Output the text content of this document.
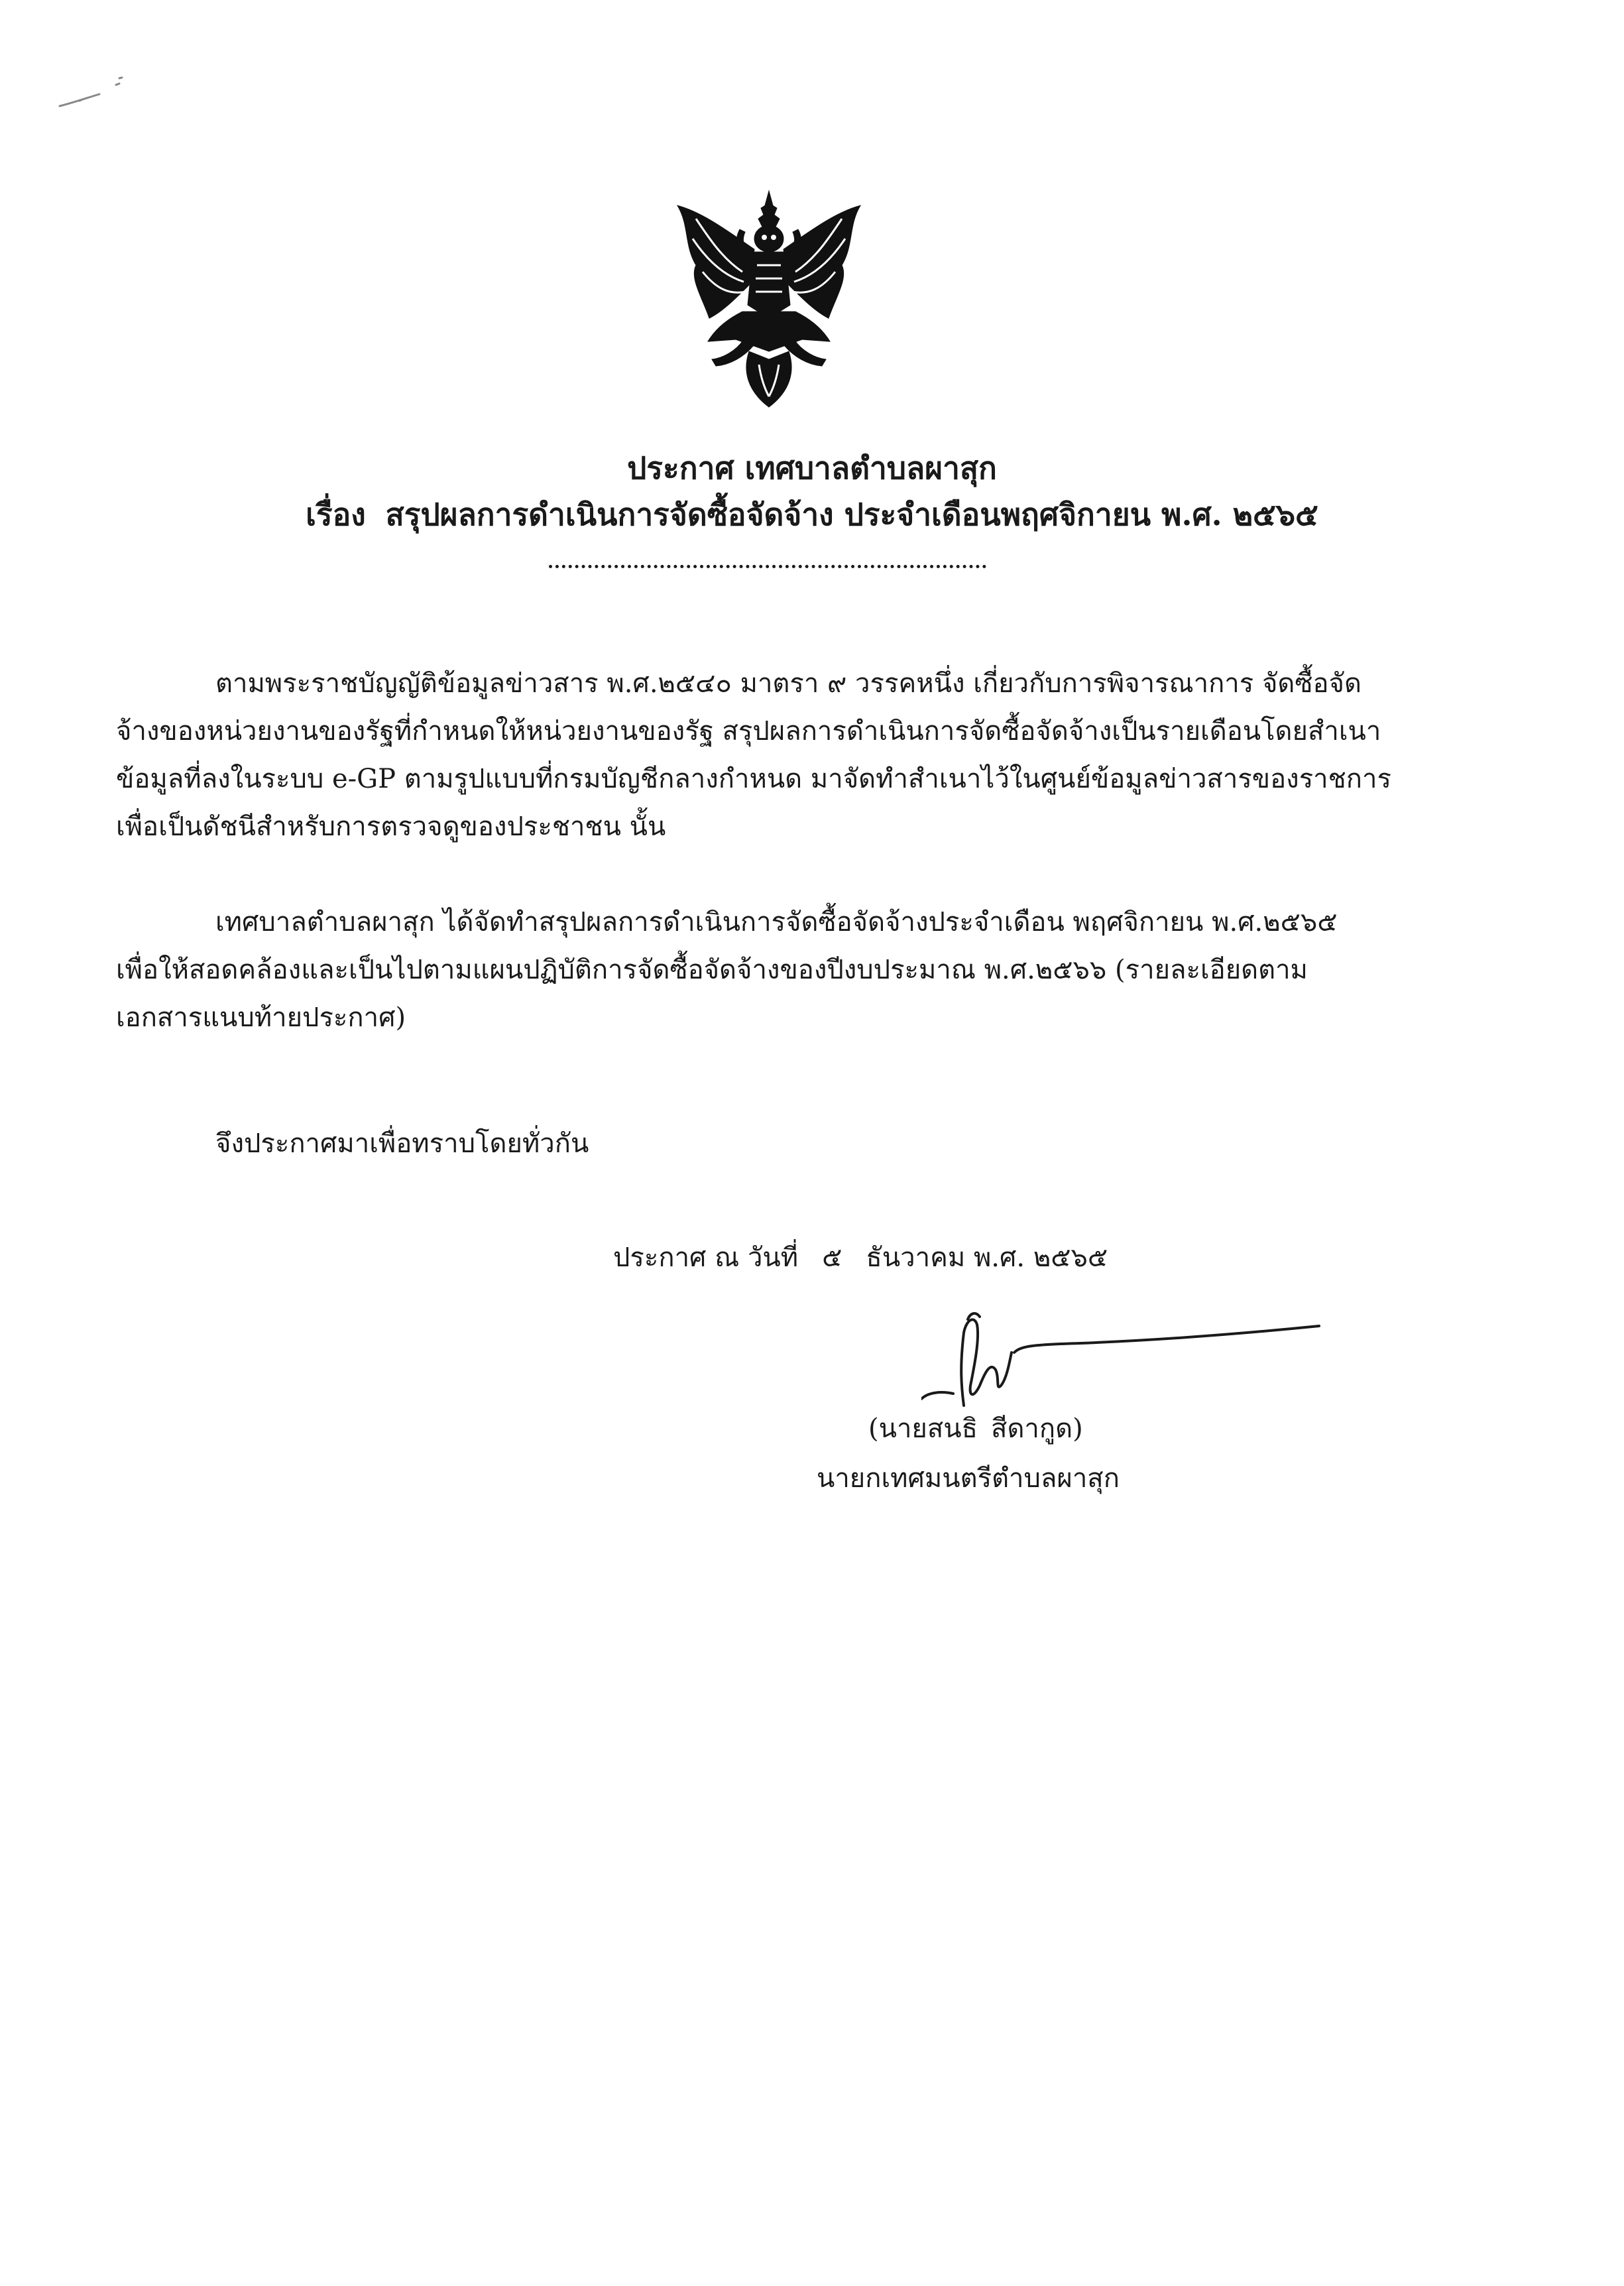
ประกาศ เทศบาลตำบลผาสุก
เรื่อง สรุปผลการดำเนินการจัดซื้อจัดจ้าง ประจำเดือนพฤศจิกายน พ.ศ. ๒๕๖๕
ตามพระราชบัญญัติข้อมูลข่าวสาร พ.ศ.๒๕๔๐ มาตรา ๙ วรรคหนึ่ง เกี่ยวกับการพิจารณาการ จัดซื้อจัด
จ้างของหน่วยงานของรัฐที่กำหนดให้หน่วยงานของรัฐ สรุปผลการดำเนินการจัดซื้อจัดจ้างเป็นรายเดือนโดยสำเนา
ข้อมูลที่ลงในระบบ e-GP ตามรูปแบบที่กรมบัญชีกลางกำหนด มาจัดทำสำเนาไว้ในศูนย์ข้อมูลข่าวสารของราชการ
เพื่อเป็นดัชนีสำหรับการตรวจดูของประชาชน นั้น
เทศบาลตำบลผาสุก ได้จัดทำสรุปผลการดำเนินการจัดซื้อจัดจ้างประจำเดือน พฤศจิกายน พ.ศ.๒๕๖๕
เพื่อให้สอดคล้องและเป็นไปตามแผนปฏิบัติการจัดซื้อจัดจ้างของปีงบประมาณ พ.ศ.๒๕๖๖ (รายละเอียดตาม
เอกสารแนบท้ายประกาศ)
จึงประกาศมาเพื่อทราบโดยทั่วกัน
ประกาศ ณ วันที่ ๕ ธันวาคม พ.ศ. ๒๕๖๕
(นายสนธิ สีดากูด)
นายกเทศมนตรีตำบลผาสุก
